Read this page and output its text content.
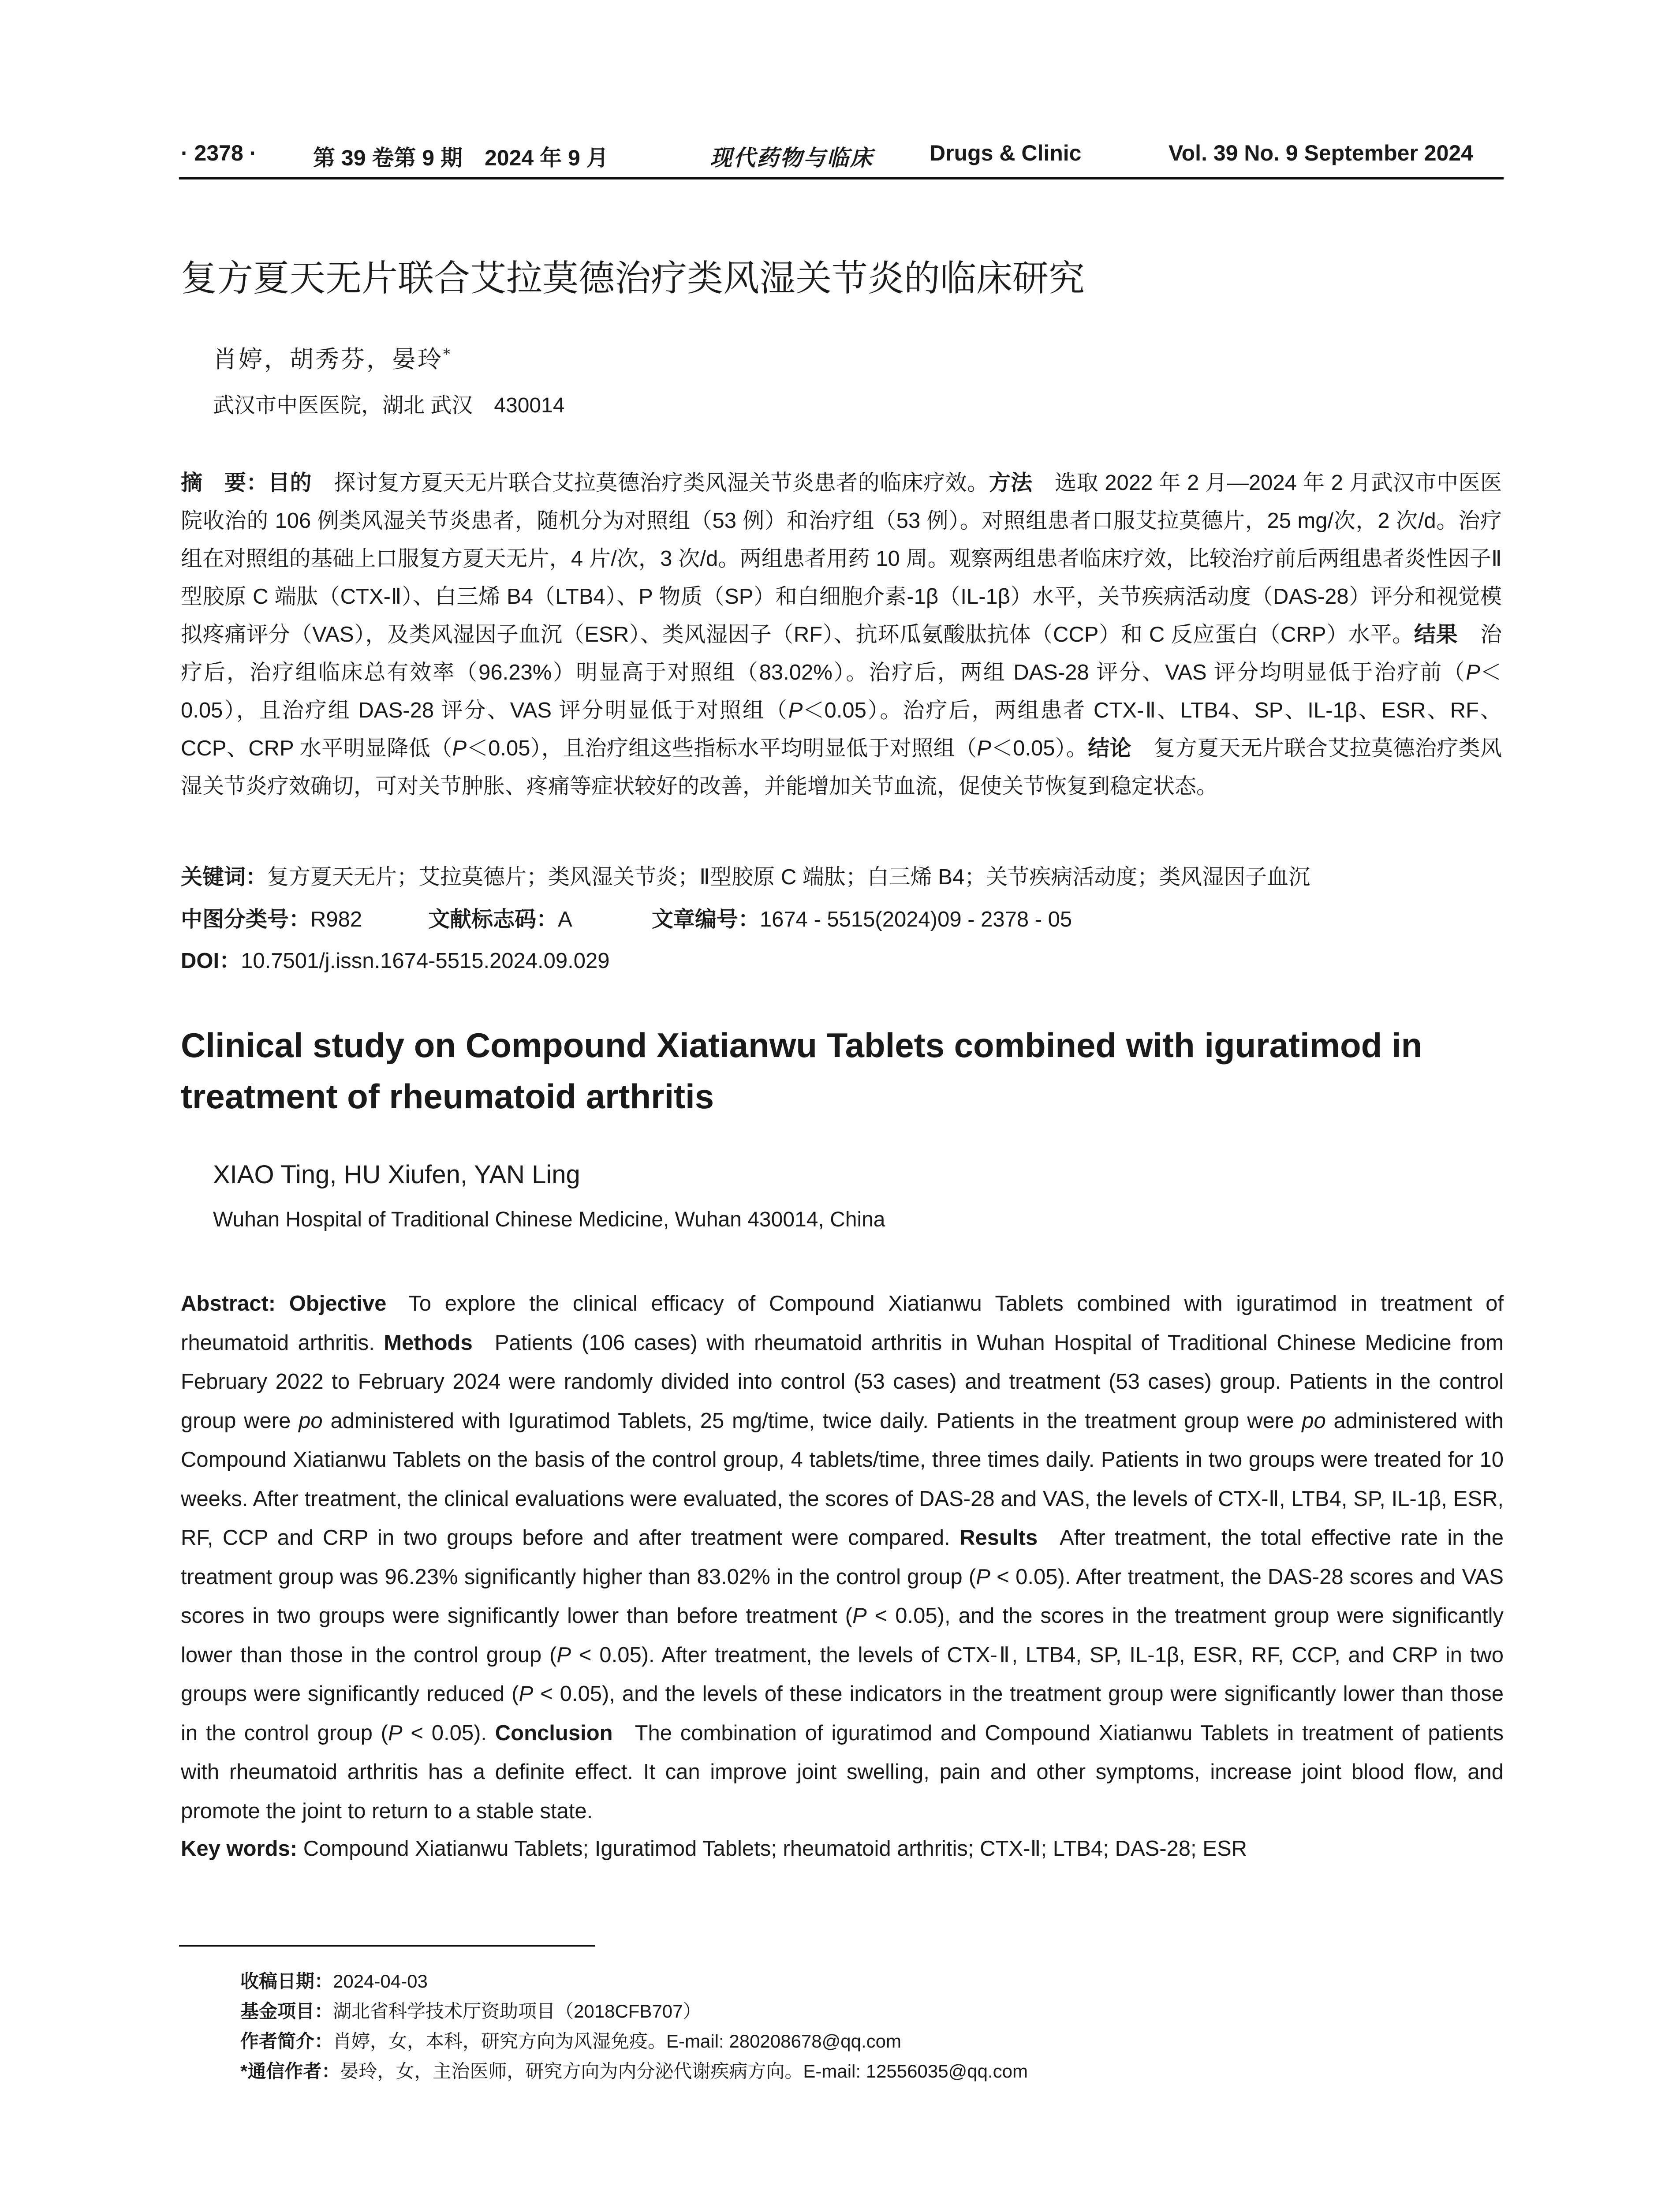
· 2378 ·	第 39 卷第 9 期　2024 年 9 月	现代药物与临床	Drugs & Clinic	Vol. 39 No. 9 September 2024
复方夏天无片联合艾拉莫德治疗类风湿关节炎的临床研究
肖婷，胡秀芬，晏玲*
武汉市中医医院，湖北 武汉　430014
摘　要：目的 探讨复方夏天无片联合艾拉莫德治疗类风湿关节炎患者的临床疗效。方法 选取 2022 年 2 月—2024 年 2 月武汉市中医医院收治的 106 例类风湿关节炎患者，随机分为对照组（53 例）和治疗组（53 例）。对照组患者口服艾拉莫德片，25 mg/次，2 次/d。治疗组在对照组的基础上口服复方夏天无片，4 片/次，3 次/d。两组患者用药 10 周。观察两组患者临床疗效，比较治疗前后两组患者炎性因子Ⅱ型胶原 C 端肽（CTX-Ⅱ）、白三烯 B4（LTB4）、P 物质（SP）和白细胞介素-1β（IL-1β）水平，关节疾病活动度（DAS-28）评分和视觉模拟疼痛评分（VAS），及类风湿因子血沉（ESR）、类风湿因子（RF）、抗环瓜氨酸肽抗体（CCP）和 C 反应蛋白（CRP）水平。结果 治疗后，治疗组临床总有效率（96.23%）明显高于对照组（83.02%）。治疗后，两组 DAS-28 评分、VAS 评分均明显低于治疗前（P＜0.05），且治疗组 DAS-28 评分、VAS 评分明显低于对照组（P＜0.05）。治疗后，两组患者 CTX-Ⅱ、LTB4、SP、IL-1β、ESR、RF、CCP、CRP 水平明显降低（P＜0.05），且治疗组这些指标水平均明显低于对照组（P＜0.05）。结论 复方夏天无片联合艾拉莫德治疗类风湿关节炎疗效确切，可对关节肿胀、疼痛等症状较好的改善，并能增加关节血流，促使关节恢复到稳定状态。
关键词：复方夏天无片；艾拉莫德片；类风湿关节炎；Ⅱ型胶原 C 端肽；白三烯 B4；关节疾病活动度；类风湿因子血沉
中图分类号：R982	文献标志码：A	文章编号：1674 - 5515(2024)09 - 2378 - 05
DOI：10.7501/j.issn.1674-5515.2024.09.029
Clinical study on Compound Xiatianwu Tablets combined with iguratimod in treatment of rheumatoid arthritis
XIAO Ting, HU Xiufen, YAN Ling
Wuhan Hospital of Traditional Chinese Medicine, Wuhan 430014, China
Abstract: Objective To explore the clinical efficacy of Compound Xiatianwu Tablets combined with iguratimod in treatment of rheumatoid arthritis. Methods Patients (106 cases) with rheumatoid arthritis in Wuhan Hospital of Traditional Chinese Medicine from February 2022 to February 2024 were randomly divided into control (53 cases) and treatment (53 cases) group. Patients in the control group were po administered with Iguratimod Tablets, 25 mg/time, twice daily. Patients in the treatment group were po administered with Compound Xiatianwu Tablets on the basis of the control group, 4 tablets/time, three times daily. Patients in two groups were treated for 10 weeks. After treatment, the clinical evaluations were evaluated, the scores of DAS-28 and VAS, the levels of CTX-Ⅱ, LTB4, SP, IL-1β, ESR, RF, CCP and CRP in two groups before and after treatment were compared. Results After treatment, the total effective rate in the treatment group was 96.23% significantly higher than 83.02% in the control group (P < 0.05). After treatment, the DAS-28 scores and VAS scores in two groups were significantly lower than before treatment (P < 0.05), and the scores in the treatment group were significantly lower than those in the control group (P < 0.05). After treatment, the levels of CTX-Ⅱ, LTB4, SP, IL-1β, ESR, RF, CCP, and CRP in two groups were significantly reduced (P < 0.05), and the levels of these indicators in the treatment group were significantly lower than those in the control group (P < 0.05). Conclusion The combination of iguratimod and Compound Xiatianwu Tablets in treatment of patients with rheumatoid arthritis has a definite effect. It can improve joint swelling, pain and other symptoms, increase joint blood flow, and promote the joint to return to a stable state.
Key words: Compound Xiatianwu Tablets; Iguratimod Tablets; rheumatoid arthritis; CTX-Ⅱ; LTB4; DAS-28; ESR
收稿日期：2024-04-03
基金项目：湖北省科学技术厅资助项目（2018CFB707）
作者简介：肖婷，女，本科，研究方向为风湿免疫。E-mail: 280208678@qq.com
*通信作者：晏玲，女，主治医师，研究方向为内分泌代谢疾病方向。E-mail: 12556035@qq.com
